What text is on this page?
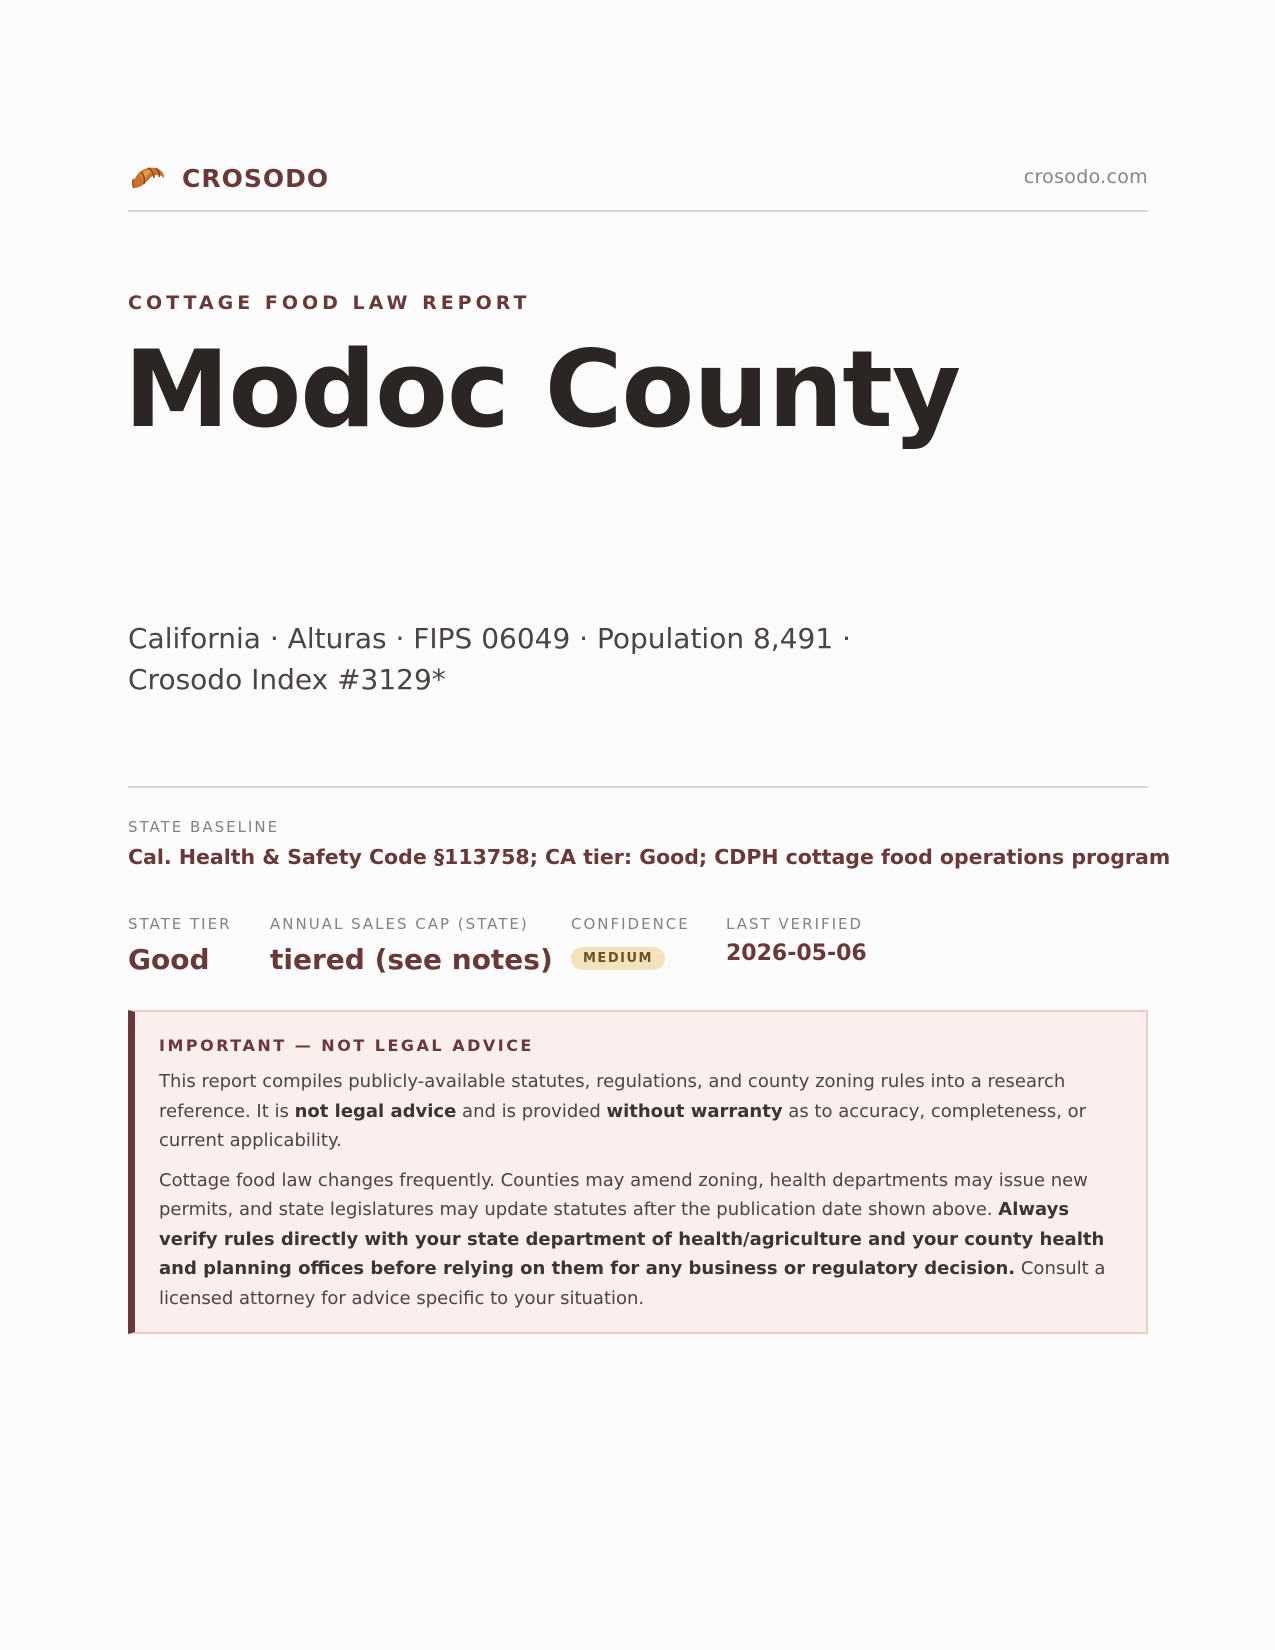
CROSODO	crosodo.com
COTTAGE FOOD LAW REPORT
Modoc County
California · Alturas · FIPS 06049 · Population 8,491 · Crosodo Index #3129*
STATE BASELINE
Cal. Health & Safety Code §113758; CA tier: Good; CDPH cottage food operations program
STATE TIER
Good
ANNUAL SALES CAP (STATE)
tiered (see notes)
CONFIDENCE
MEDIUM
LAST VERIFIED
2026-05-06
IMPORTANT — NOT LEGAL ADVICE

This report compiles publicly-available statutes, regulations, and county zoning rules into a research reference. It is not legal advice and is provided without warranty as to accuracy, completeness, or current applicability.

Cottage food law changes frequently. Counties may amend zoning, health departments may issue new permits, and state legislatures may update statutes after the publication date shown above. Always verify rules directly with your state department of health/agriculture and your county health and planning offices before relying on them for any business or regulatory decision. Consult a licensed attorney for advice specific to your situation.
